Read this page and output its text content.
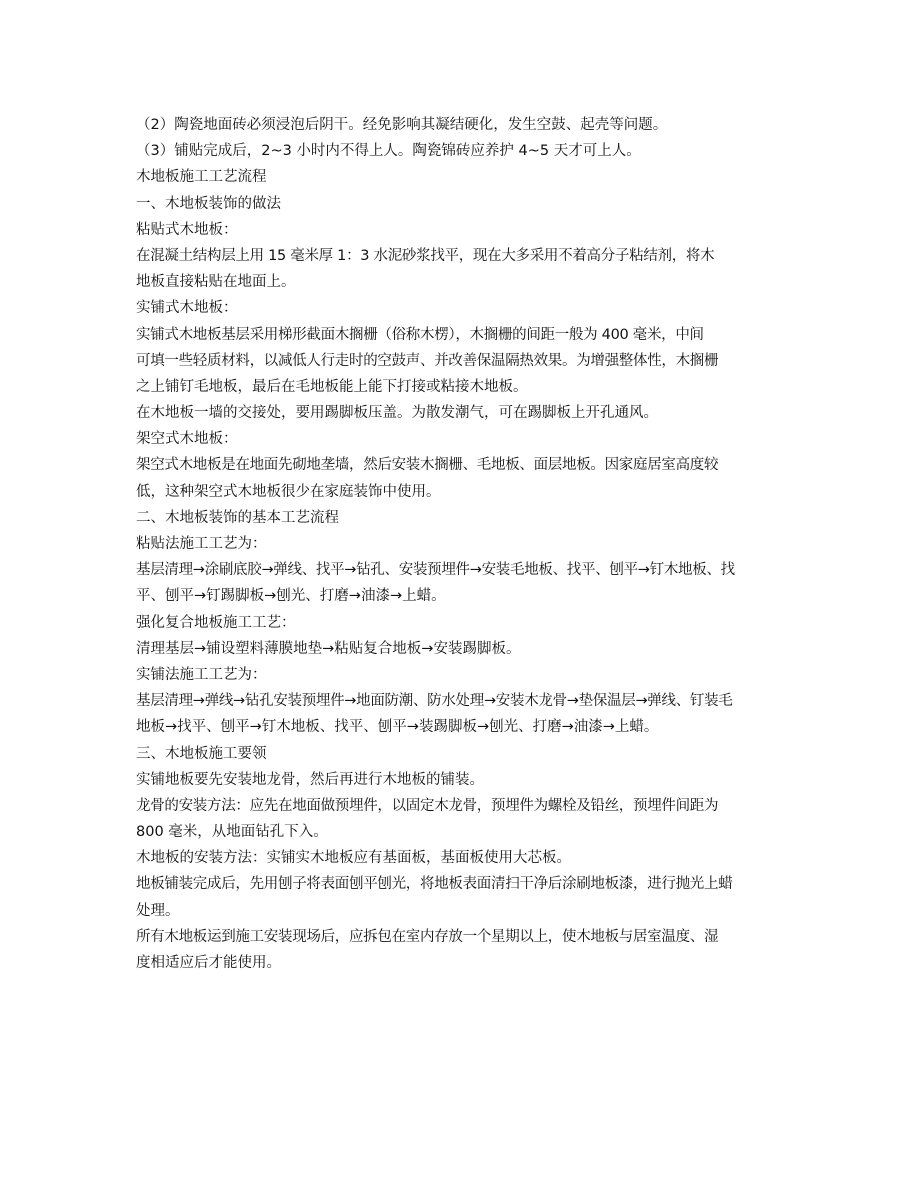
（2）陶瓷地面砖必须浸泡后阴干。经免影响其凝结硬化，发生空鼓、起壳等问题。
（3）铺贴完成后，2~3 小时内不得上人。陶瓷锦砖应养护 4~5 天才可上人。
木地板施工工艺流程
一、木地板装饰的做法
粘贴式木地板：
在混凝土结构层上用 15 毫米厚 1：3 水泥砂浆找平，现在大多采用不着高分子粘结剂，将木
地板直接粘贴在地面上。
实铺式木地板：
实铺式木地板基层采用梯形截面木搁栅（俗称木楞），木搁栅的间距一般为 400 毫米，中间
可填一些轻质材料，以减低人行走时的空鼓声、并改善保温隔热效果。为增强整体性，木搁栅
之上铺钉毛地板，最后在毛地板能上能下打接或粘接木地板。
在木地板一墙的交接处，要用踢脚板压盖。为散发潮气，可在踢脚板上开孔通风。
架空式木地板：
架空式木地板是在地面先砌地垄墙，然后安装木搁栅、毛地板、面层地板。因家庭居室高度较
低，这种架空式木地板很少在家庭装饰中使用。
二、木地板装饰的基本工艺流程
粘贴法施工工艺为：
基层清理→涂刷底胶→弹线、找平→钻孔、安装预埋件→安装毛地板、找平、刨平→钉木地板、找
平、刨平→钉踢脚板→刨光、打磨→油漆→上蜡。
强化复合地板施工工艺：
清理基层→铺设塑料薄膜地垫→粘贴复合地板→安装踢脚板。
实铺法施工工艺为：
基层清理→弹线→钻孔安装预埋件→地面防潮、防水处理→安装木龙骨→垫保温层→弹线、钉装毛
地板→找平、刨平→钉木地板、找平、刨平→装踢脚板→刨光、打磨→油漆→上蜡。
三、木地板施工要领
实铺地板要先安装地龙骨，然后再进行木地板的铺装。
龙骨的安装方法：应先在地面做预埋件，以固定木龙骨，预埋件为螺栓及铅丝，预埋件间距为
800 毫米，从地面钻孔下入。
木地板的安装方法：实铺实木地板应有基面板，基面板使用大芯板。
地板铺装完成后，先用刨子将表面刨平刨光，将地板表面清扫干净后涂刷地板漆，进行抛光上蜡
处理。
所有木地板运到施工安装现场后，应拆包在室内存放一个星期以上，使木地板与居室温度、湿
度相适应后才能使用。
